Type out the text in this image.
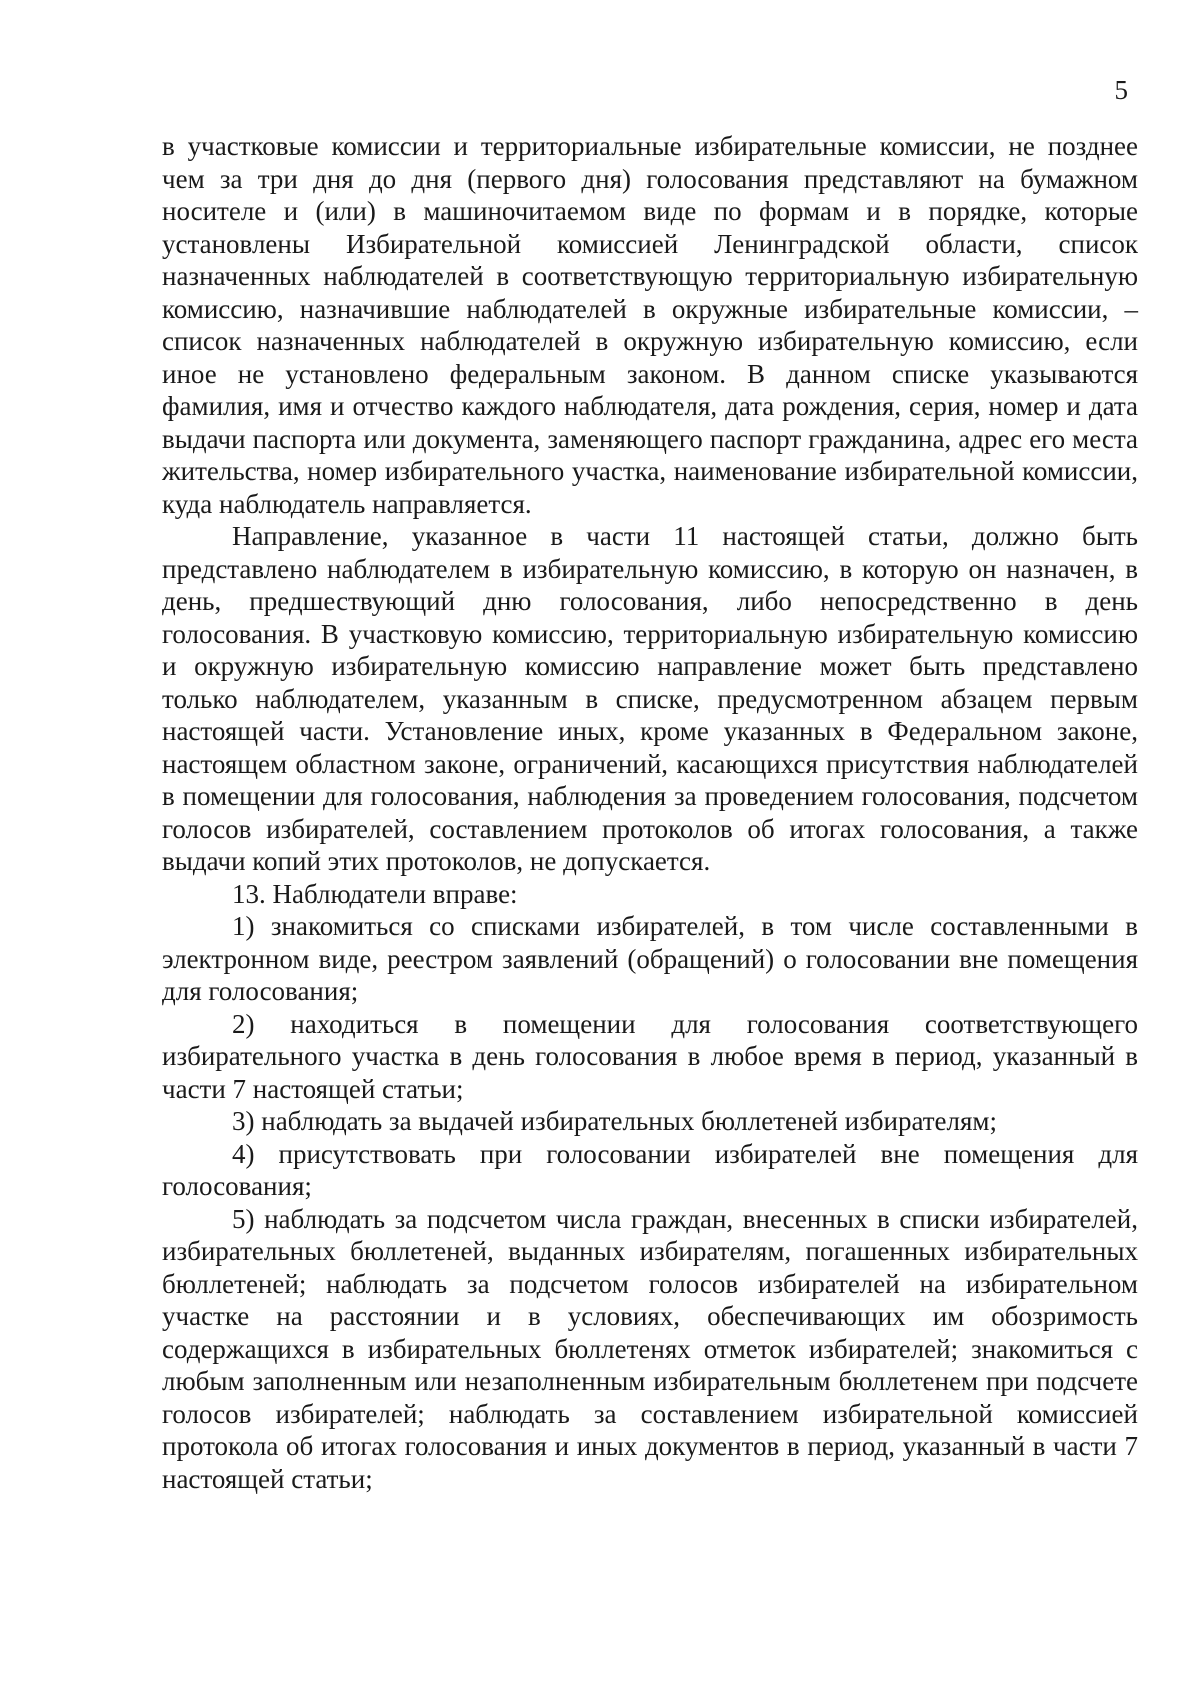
5

в участковые комиссии и территориальные избирательные комиссии, не позднее чем за три дня до дня (первого дня) голосования представляют на бумажном носителе и (или) в машиночитаемом виде по формам и в порядке, которые установлены Избирательной комиссией Ленинградской области, список назначенных наблюдателей в соответствующую территориальную избирательную комиссию, назначившие наблюдателей в окружные избирательные комиссии, – список назначенных наблюдателей в окружную избирательную комиссию, если иное не установлено федеральным законом. В данном списке указываются фамилия, имя и отчество каждого наблюдателя, дата рождения, серия, номер и дата выдачи паспорта или документа, заменяющего паспорт гражданина, адрес его места жительства, номер избирательного участка, наименование избирательной комиссии, куда наблюдатель направляется.

Направление, указанное в части 11 настоящей статьи, должно быть представлено наблюдателем в избирательную комиссию, в которую он назначен, в день, предшествующий дню голосования, либо непосредственно в день голосования. В участковую комиссию, территориальную избирательную комиссию и окружную избирательную комиссию направление может быть представлено только наблюдателем, указанным в списке, предусмотренном абзацем первым настоящей части. Установление иных, кроме указанных в Федеральном законе, настоящем областном законе, ограничений, касающихся присутствия наблюдателей в помещении для голосования, наблюдения за проведением голосования, подсчетом голосов избирателей, составлением протоколов об итогах голосования, а также выдачи копий этих протоколов, не допускается.

13. Наблюдатели вправе:

1) знакомиться со списками избирателей, в том числе составленными в электронном виде, реестром заявлений (обращений) о голосовании вне помещения для голосования;

2) находиться в помещении для голосования соответствующего избирательного участка в день голосования в любое время в период, указанный в части 7 настоящей статьи;

3) наблюдать за выдачей избирательных бюллетеней избирателям;

4) присутствовать при голосовании избирателей вне помещения для голосования;

5) наблюдать за подсчетом числа граждан, внесенных в списки избирателей, избирательных бюллетеней, выданных избирателям, погашенных избирательных бюллетеней; наблюдать за подсчетом голосов избирателей на избирательном участке на расстоянии и в условиях, обеспечивающих им обозримость содержащихся в избирательных бюллетенях отметок избирателей; знакомиться с любым заполненным или незаполненным избирательным бюллетенем при подсчете голосов избирателей; наблюдать за составлением избирательной комиссией протокола об итогах голосования и иных документов в период, указанный в части 7 настоящей статьи;
